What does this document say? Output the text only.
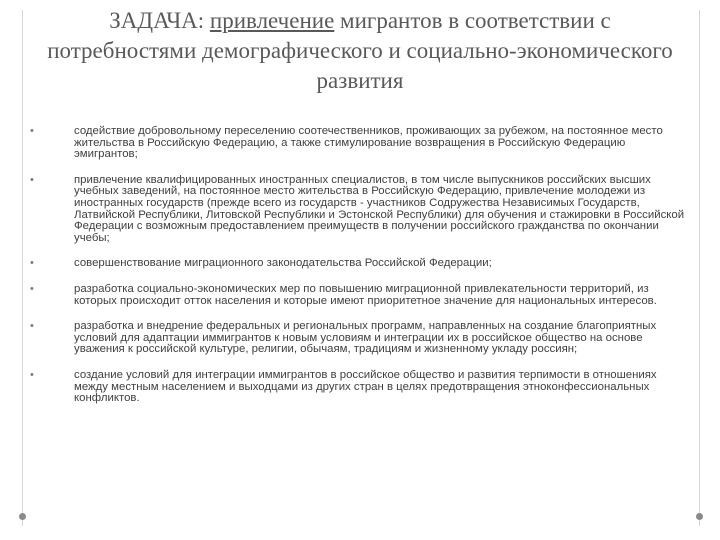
ЗАДАЧА: привлечение мигрантов в соответствии с потребностями демографического и социально-экономического развития
•	содействие добровольному переселению соотечественников, проживающих за рубежом, на постоянное место жительства в Российскую Федерацию, а также стимулирование возвращения в Российскую Федерацию эмигрантов;
•	привлечение квалифицированных иностранных специалистов, в том числе выпускников российских высших учебных заведений, на постоянное место жительства в Российскую Федерацию, привлечение молодежи из иностранных государств (прежде всего из государств - участников Содружества Независимых Государств, Латвийской Республики, Литовской Республики и Эстонской Республики) для обучения и стажировки в Российской Федерации с возможным предоставлением преимуществ в получении российского гражданства по окончании учебы;
•	совершенствование миграционного законодательства Российской Федерации;
•	разработка социально-экономических мер по повышению миграционной привлекательности территорий, из которых происходит отток населения и которые имеют приоритетное значение для национальных интересов.
•	разработка и внедрение федеральных и региональных программ, направленных на создание благоприятных условий для адаптации иммигрантов к новым условиям и интеграции их в российское общество на основе уважения к российской культуре, религии, обычаям, традициям и жизненному укладу россиян;
•	создание условий для интеграции иммигрантов в российское общество и развития терпимости в отношениях между местным населением и выходцами из других стран в целях предотвращения этноконфессиональных конфликтов.
